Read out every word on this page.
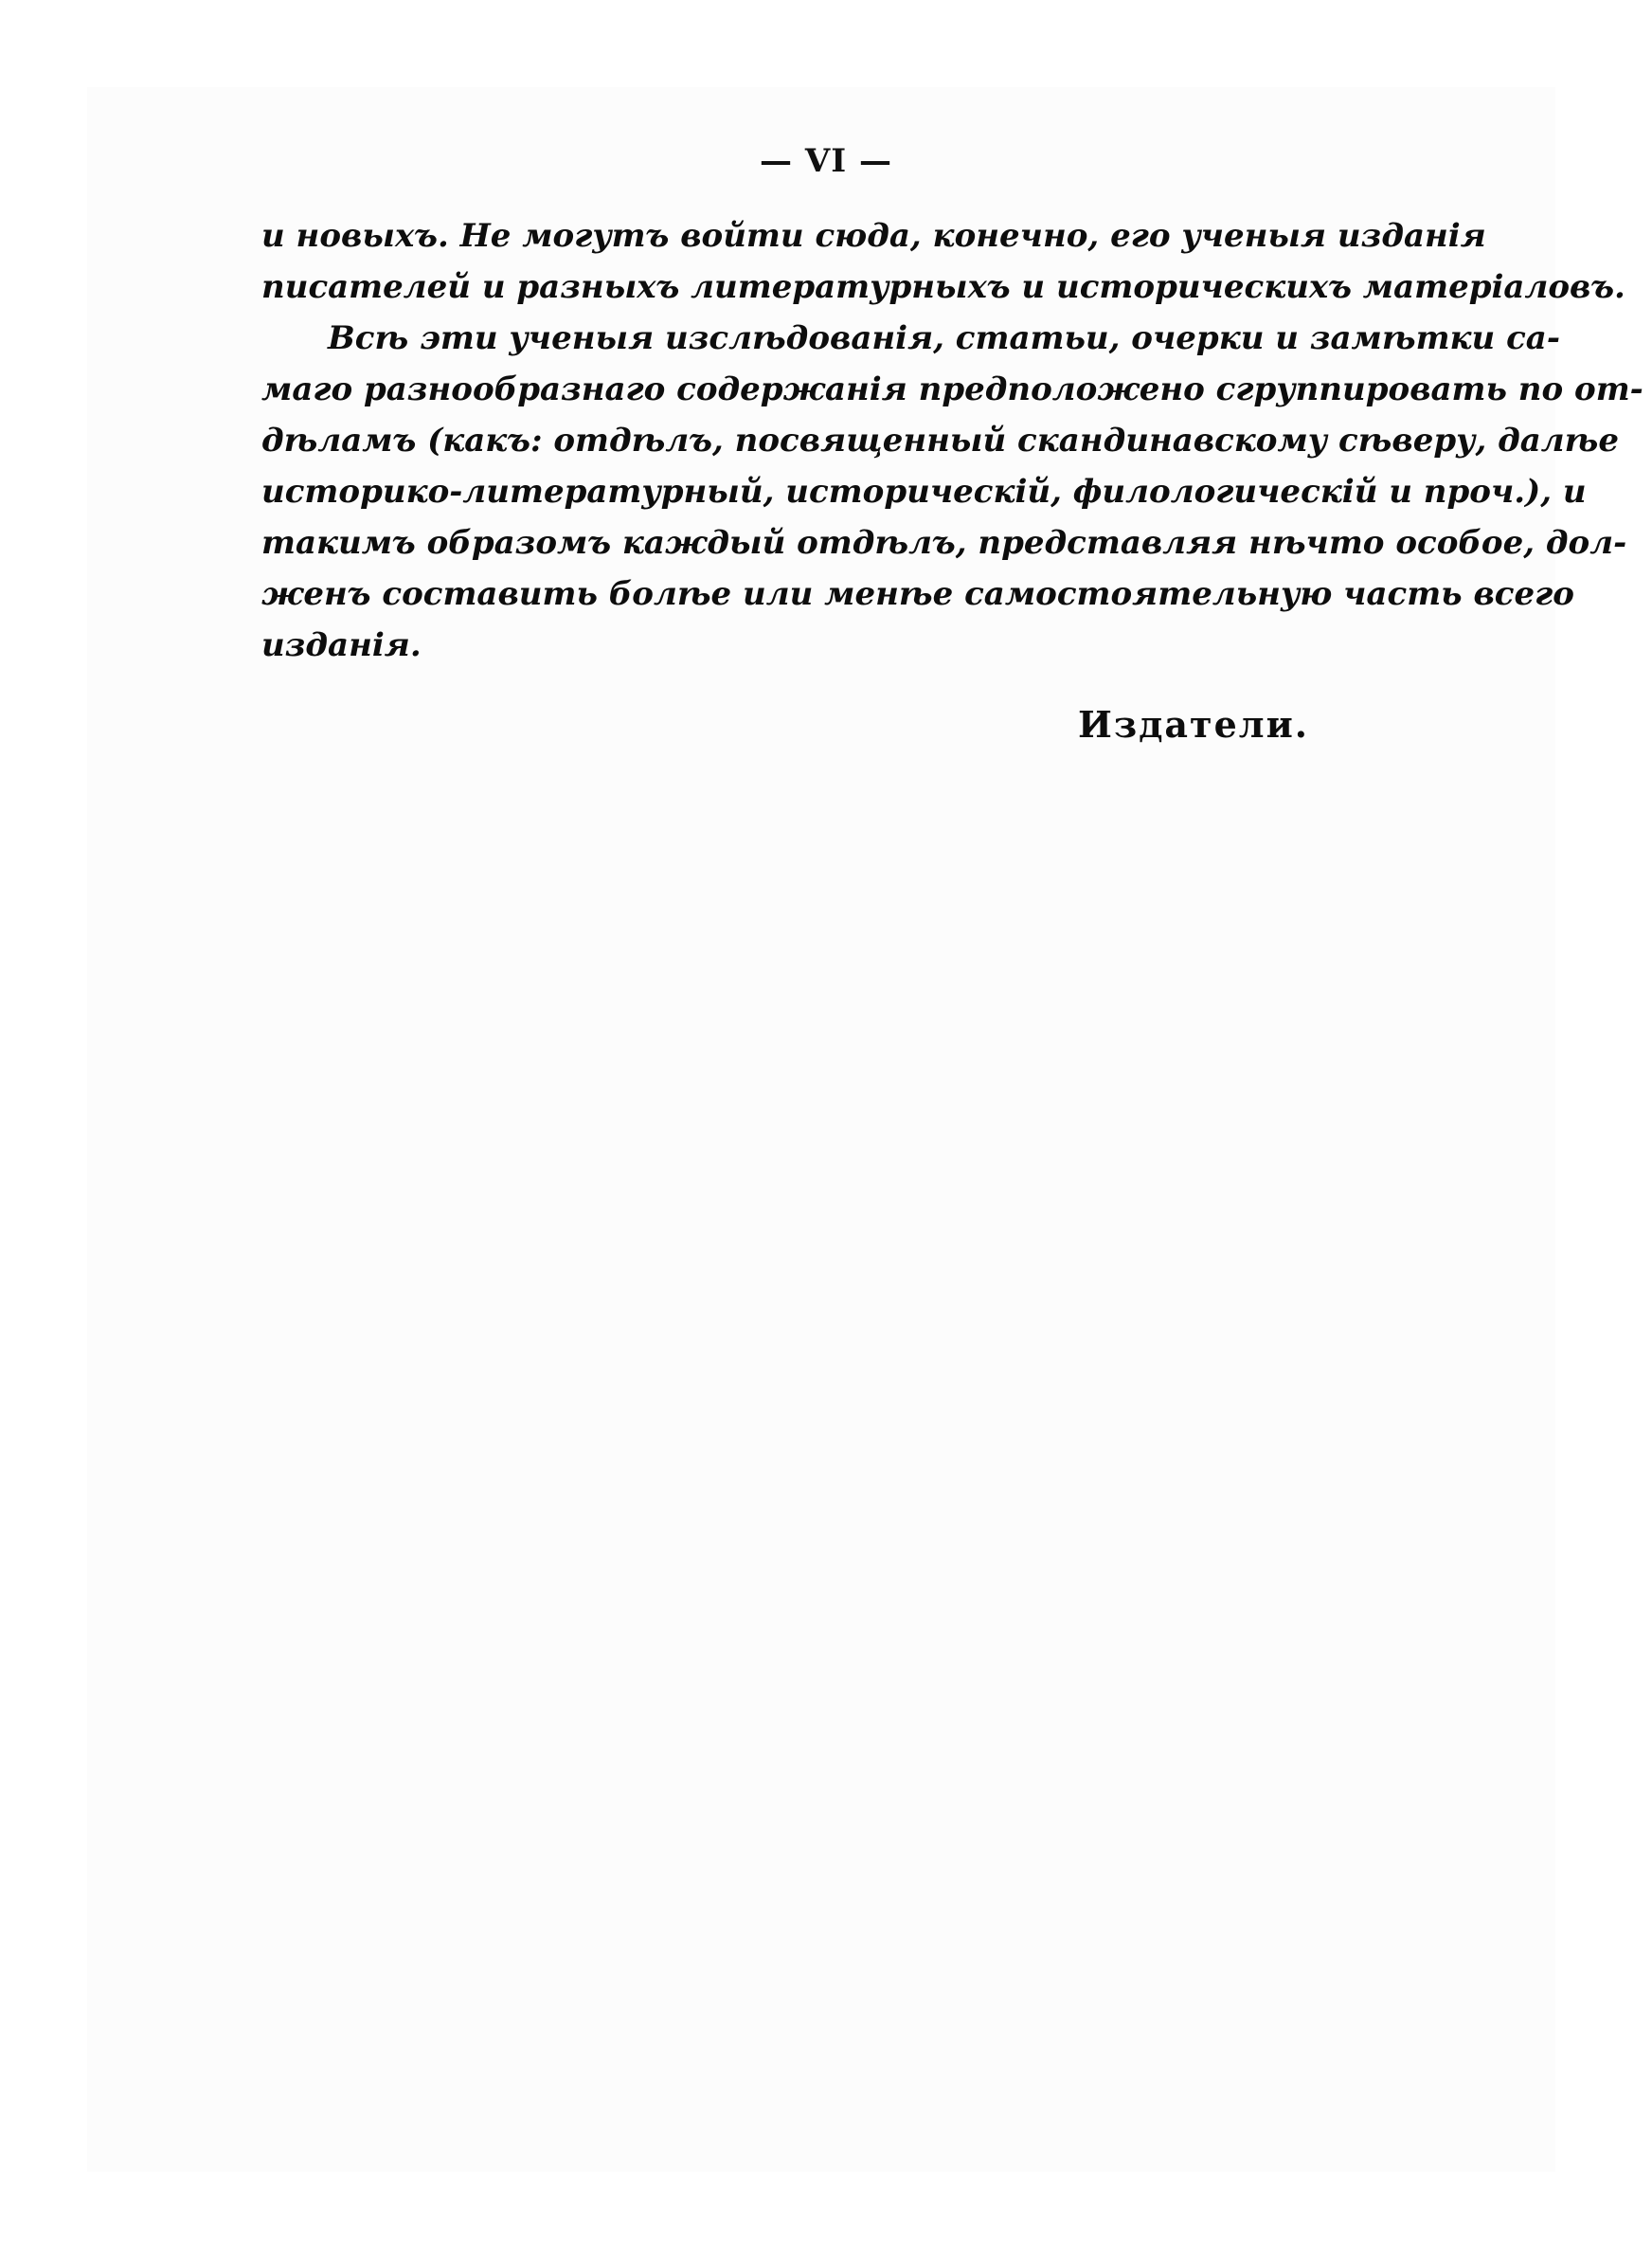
— VI —
и новыхъ. Не могутъ войти сюда, конечно, его ученыя изданія
писателей и разныхъ литературныхъ и историческихъ матеріаловъ.
Всѣ эти ученыя изслѣдованія, статьи, очерки и замѣтки са-
маго разнообразнаго содержанія предположено сгруппировать по от-
дѣламъ (какъ: отдѣлъ, посвященный скандинавскому сѣверу, далѣе
историко-литературный, историческій, филологическій и проч.), и
такимъ образомъ каждый отдѣлъ, представляя нѣчто особое, дол-
женъ составить болѣе или менѣе самостоятельную часть всего
изданія.
Издатели.
